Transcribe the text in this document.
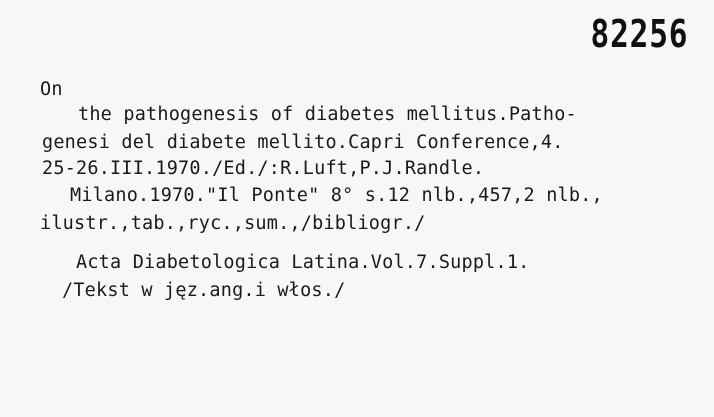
82256
On
the pathogenesis of diabetes mellitus.Patho-
genesi del diabete mellito.Capri Conference,4.
25-26.III.1970./Ed./:R.Luft,P.J.Randle.
Milano.1970."Il Ponte" 8° s.12 nlb.,457,2 nlb.,
ilustr.,tab.,ryc.,sum.,/bibliogr./
Acta Diabetologica Latina.Vol.7.Suppl.1.
/Tekst w jęz.ang.i włos./
